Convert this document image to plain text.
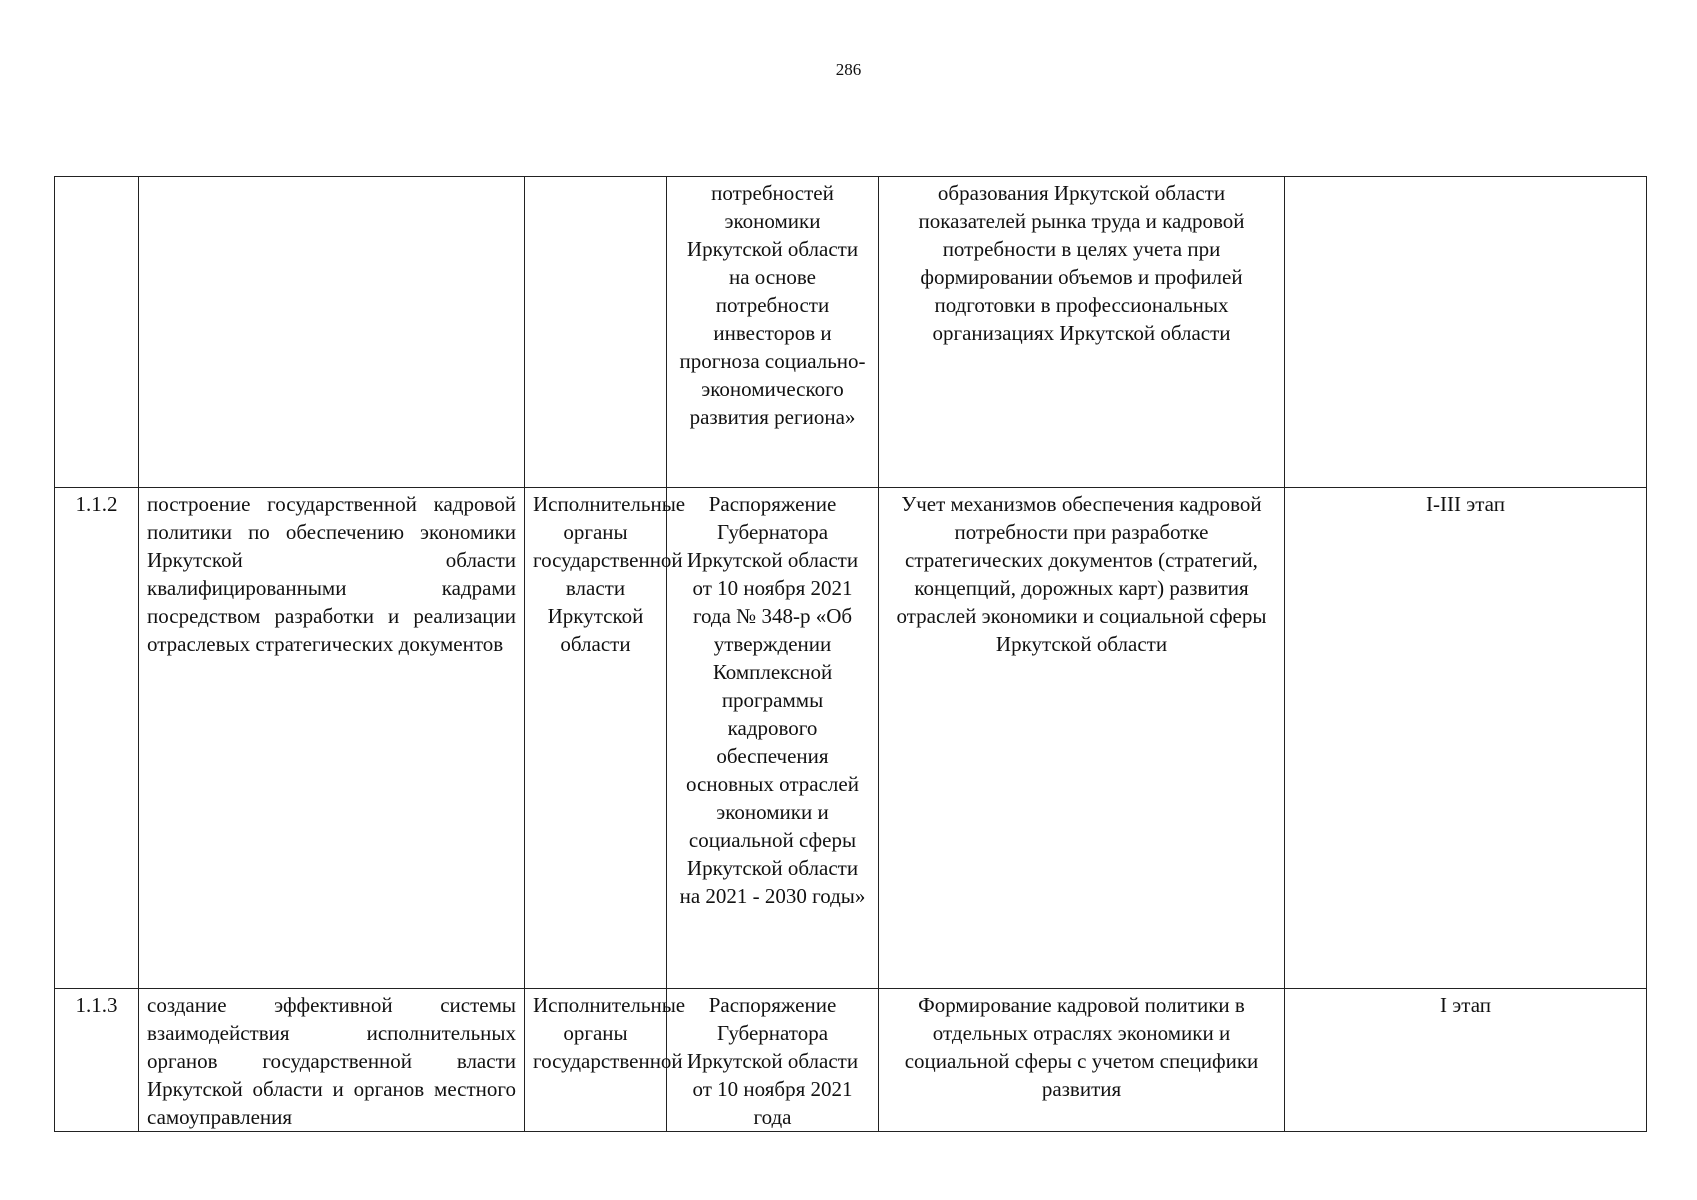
286
			потребностей экономики Иркутской области на основе потребности инвесторов и прогноза социально-экономического развития региона»	образования Иркутской области показателей рынка труда и кадровой потребности в целях учета при формировании объемов и профилей подготовки в профессиональных организациях Иркутской области	
1.1.2	построение государственной кадровой политики по обеспечению экономики Иркутской области квалифицированными кадрами посредством разработки и реализации отраслевых стратегических документов	Исполнительные органы государственной власти Иркутской области	Распоряжение Губернатора Иркутской области от 10 ноября 2021 года № 348-р «Об утверждении Комплексной программы кадрового обеспечения основных отраслей экономики и социальной сферы Иркутской области на 2021 - 2030 годы»	Учет механизмов обеспечения кадровой потребности при разработке стратегических документов (стратегий, концепций, дорожных карт) развития отраслей экономики и социальной сферы Иркутской области	I-III этап
1.1.3	создание эффективной системы взаимодействия исполнительных органов государственной власти Иркутской области и органов местного самоуправления	Исполнительные органы государственной	Распоряжение Губернатора Иркутской области от 10 ноября 2021 года	Формирование кадровой политики в отдельных отраслях экономики и социальной сферы с учетом специфики развития	I этап
